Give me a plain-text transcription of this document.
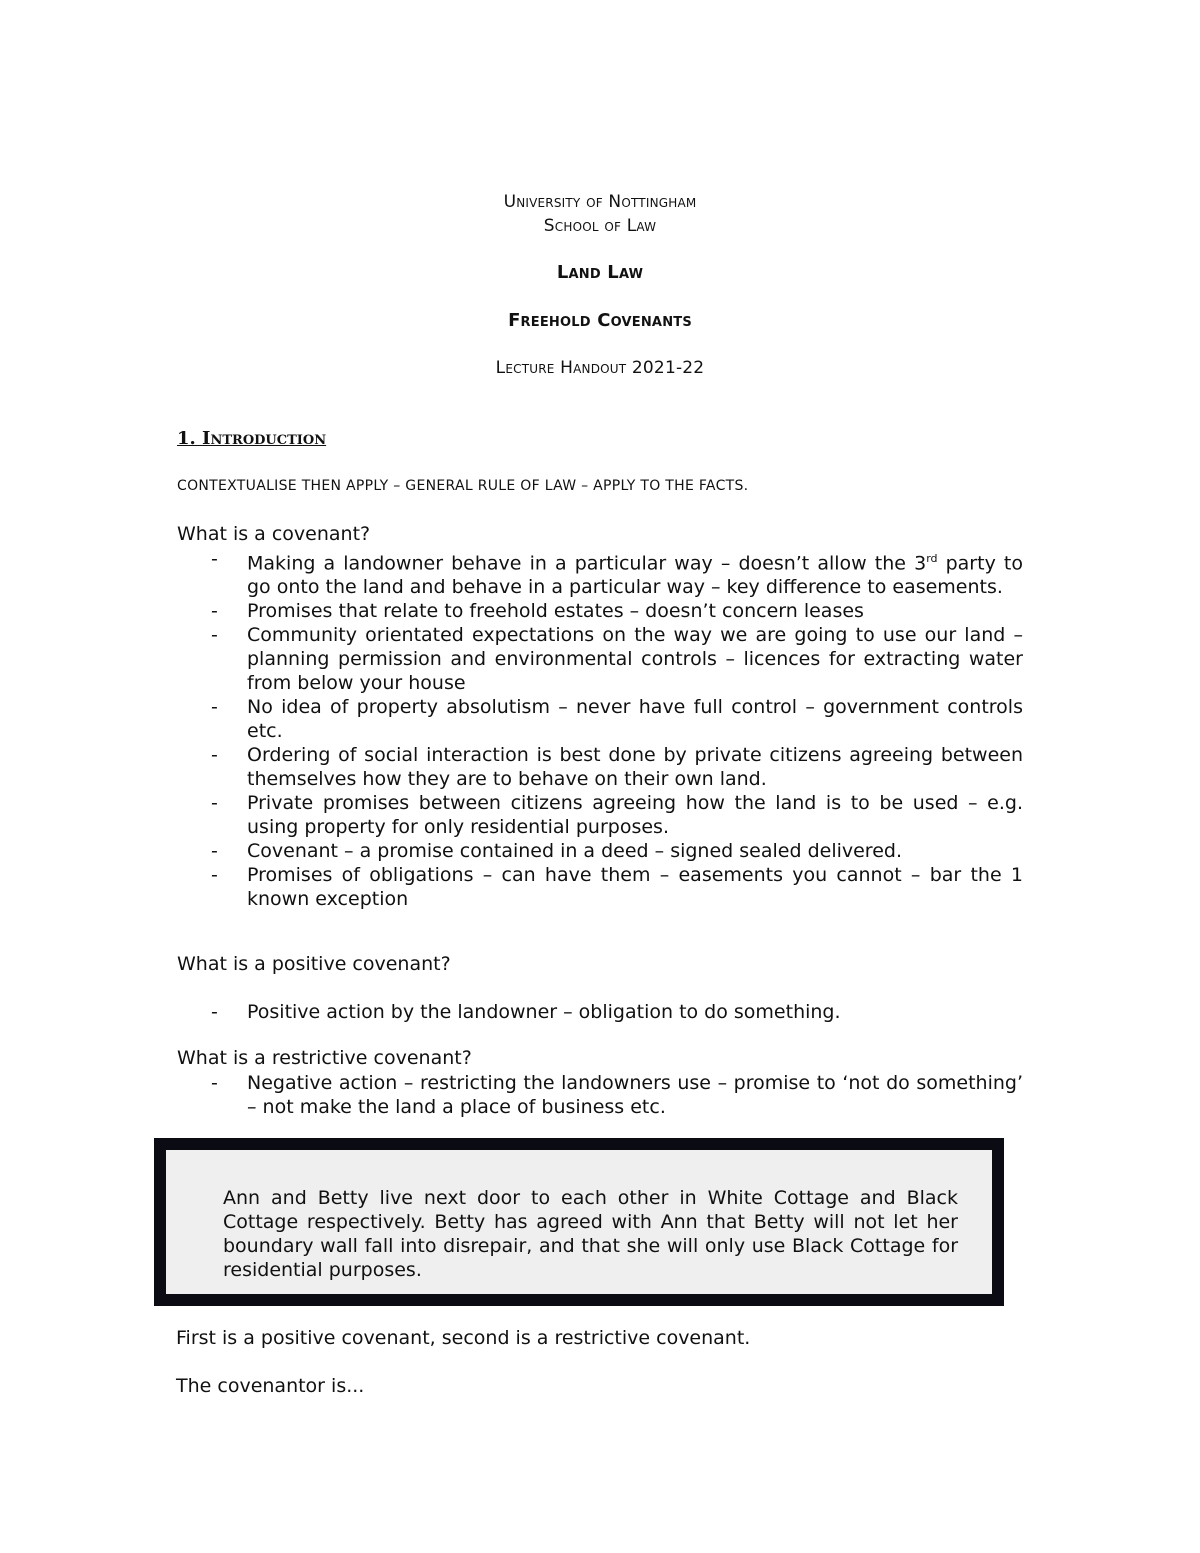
University of Nottingham
School of Law
Land Law
Freehold Covenants
Lecture Handout 2021-22
1. Introduction
CONTEXTUALISE THEN APPLY – GENERAL RULE OF LAW – APPLY TO THE FACTS.
What is a covenant?
- Making a landowner behave in a particular way – doesn’t allow the 3rd party to go onto the land and behave in a particular way – key difference to easements.
- Promises that relate to freehold estates – doesn’t concern leases
- Community orientated expectations on the way we are going to use our land – planning permission and environmental controls – licences for extracting water from below your house
- No idea of property absolutism – never have full control – government controls etc.
- Ordering of social interaction is best done by private citizens agreeing between themselves how they are to behave on their own land.
- Private promises between citizens agreeing how the land is to be used – e.g. using property for only residential purposes.
- Covenant – a promise contained in a deed – signed sealed delivered.
- Promises of obligations – can have them – easements you cannot – bar the 1 known exception
What is a positive covenant?
- Positive action by the landowner – obligation to do something.
What is a restrictive covenant?
- Negative action – restricting the landowners use – promise to ‘not do something’ – not make the land a place of business etc.
Ann and Betty live next door to each other in White Cottage and Black Cottage respectively. Betty has agreed with Ann that Betty will not let her boundary wall fall into disrepair, and that she will only use Black Cottage for residential purposes.
First is a positive covenant, second is a restrictive covenant.
The covenantor is...
